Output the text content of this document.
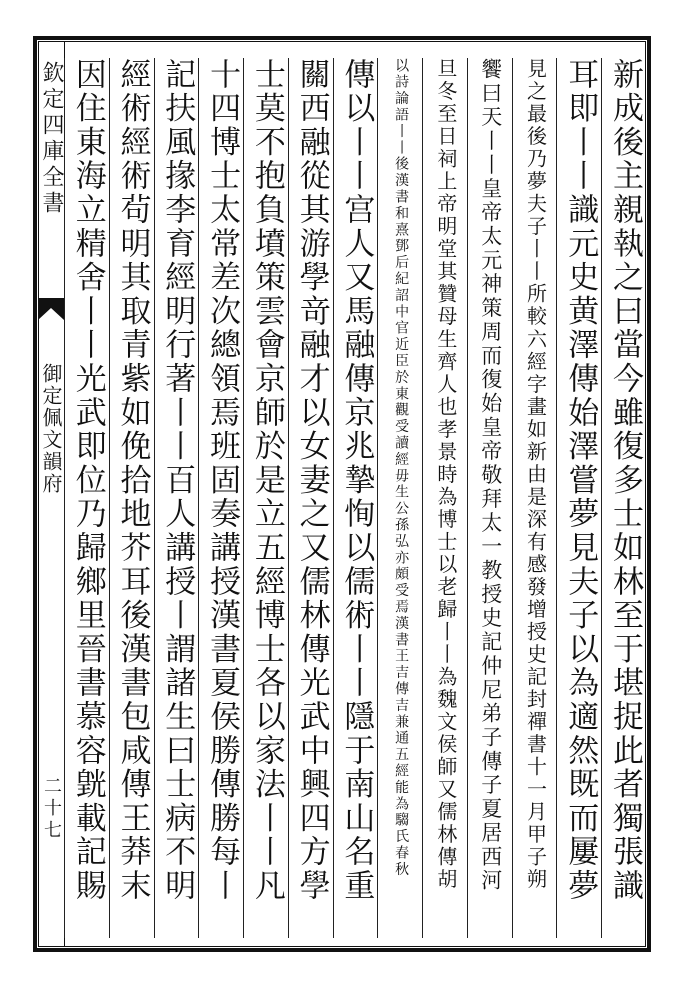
欽定四庫全書
御定佩文韻府
二十七	新成後主親執之曰當今雖復多士如林至于堪捉此者獨張識
耳即丨丨識元史黄澤傳始澤嘗夢見夫子以為適然既而屢夢
見之最後乃夢夫子丨丨所較六經字畫如新由是深有感發增授史記封禪書十一月甲子朔
饗曰天丨丨皇帝太元神策周而復始皇帝敬拜太一教授史記仲尼弟子傳子夏居西河
旦冬至日祠上帝明堂其贊母生齊人也孝景時為博士以老歸丨丨為魏文侯師又儒林傳胡
以詩論語丨丨後漢書和熹鄧后紀詔中官近臣於東觀受讀經毋生公孫弘亦頗受焉漢書王吉傳吉兼通五經能為騶氏春秋
傳以丨丨宫人又馬融傳京兆摯恂以儒術丨丨隱于南山名重
關西融從其游學竒融才以女妻之又儒林傳光武中興四方學
士莫不抱負墳策雲會京師於是立五經博士各以家法丨丨凡
十四博士太常差次總領焉班固奏講授漢書夏侯勝傳勝每丨
記扶風掾李育經明行著丨丨百人講授丨謂諸生曰士病不明
經術經術茍明其取青紫如俛拾地芥耳後漢書包咸傳王莽末
因住東海立精舍丨丨光武即位乃歸鄉里晉書慕容皝載記賜
